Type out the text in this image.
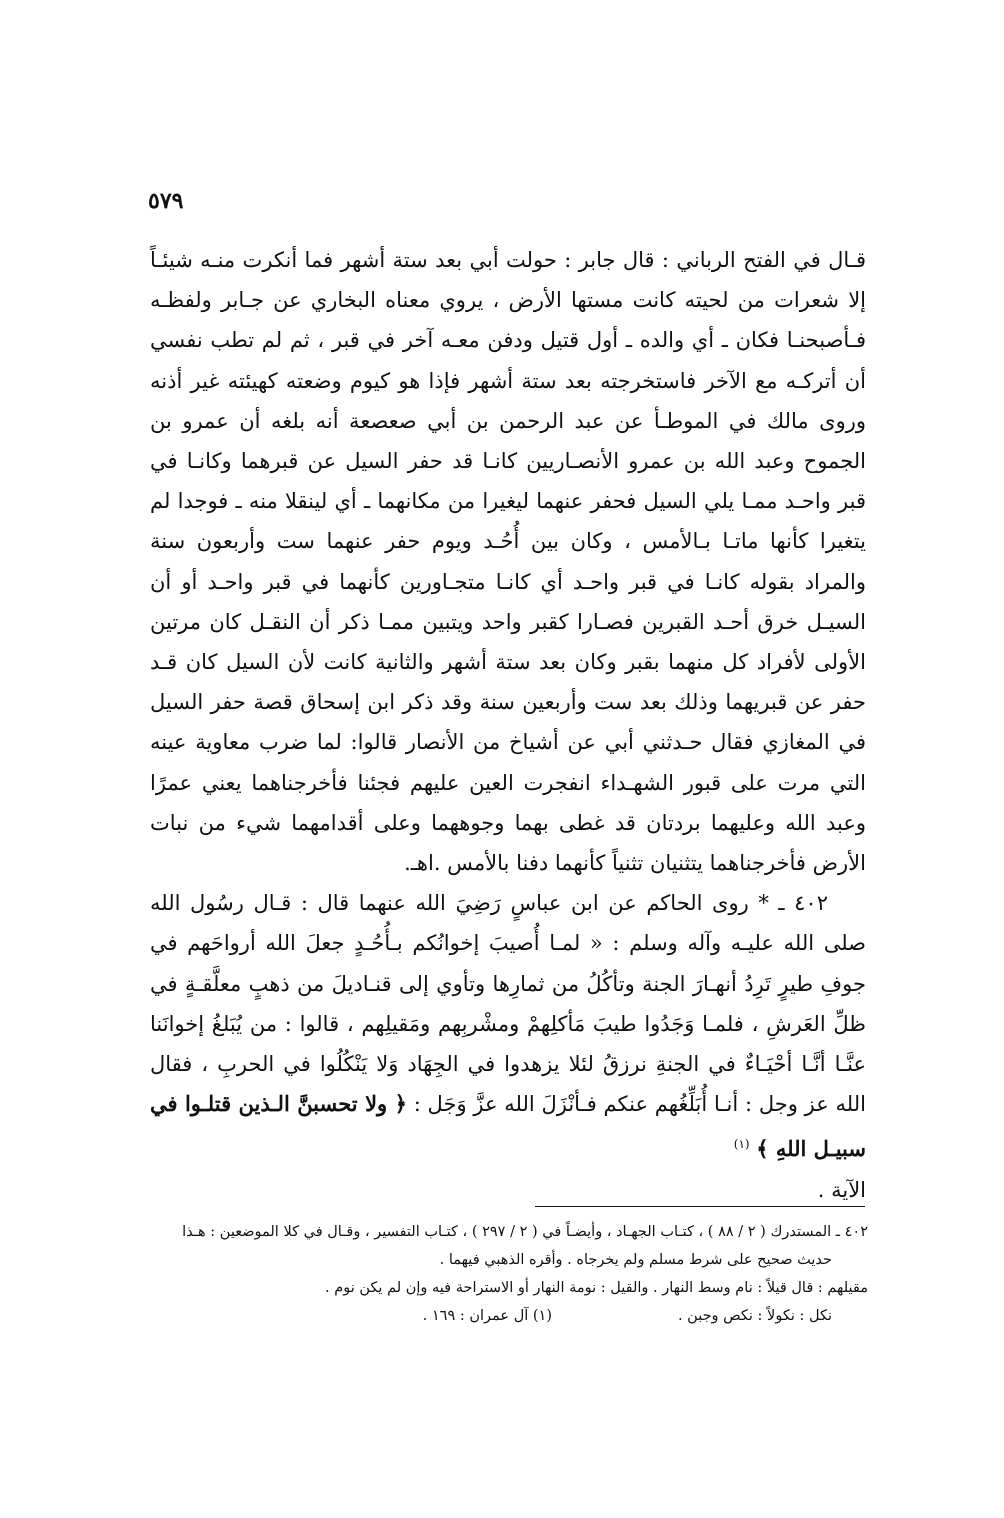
٥٧٩

قـال في الفتح الرباني : قال جابر : حولت أبي بعد ستة أشهر فما أنكرت منـه شيئـاً إلا شعرات من لحيته كانت مستها الأرض ، يروي معناه البخاري عن جـابر ولفظـه فـأصبحنـا فكان ـ أي والده ـ أول قتيل ودفن معـه آخر في قبر ، ثم لم تطب نفسي أن أتركـه مع الآخر فاستخرجته بعد ستة أشهر فإذا هو كيوم وضعته كهيئته غير أذنه وروى مالك في الموطـأ عن عبد الرحمن بن أبي صعصعة أنه بلغه أن عمرو بن الجموح وعبد الله بن عمرو الأنصـاريين كانـا قد حفر السيل عن قبرهما وكانـا في قبر واحـد ممـا يلي السيل فحفر عنهما ليغيرا من مكانهما ـ أي لينقلا منه ـ فوجدا لم يتغيرا كأنها ماتـا بـالأمس ، وكان بين أُحُـد ويوم حفر عنهما ست وأربعون سنة والمراد بقوله كانـا في قبر واحـد أي كانـا متجـاورين كأنهما في قبر واحـد أو أن السيـل خرق أحـد القبرين فصـارا كقبر واحد ويتبين ممـا ذكر أن النقـل كان مرتين الأولى لأفراد كل منهما بقبر وكان بعد ستة أشهر والثانية كانت لأن السيل كان قـد حفر عن قبريهما وذلك بعد ست وأربعين سنة وقد ذكر ابن إسحاق قصة حفر السيل في المغازي فقال حـدثني أبي عن أشياخ من الأنصار قالوا: لما ضرب معاوية عينه التي مرت على قبور الشهـداء انفجرت العين عليهم فجئنا فأخرجناهما يعني عمرًا وعبد الله وعليهما بردتان قد غطى بهما وجوههما وعلى أقدامهما شيء من نبات الأرض فأخرجناهما يتثنيان تثنياً كأنهما دفنا بالأمس .اهـ.

٤٠٢ ـ * روى الحاكم عن ابن عباسٍ رَضِيَ الله عنهما قال : قـال رسُول الله صلى الله عليـه وآله وسلم : « لمـا أُصيبَ إخوانُكم بـأُحُـدٍ جعلَ الله أرواحَهم في جوفِ طيرٍ تَرِدُ أنهـارَ الجنة وتأكُلُ من ثمارِها وتأوي إلى قنـاديلَ من ذهبٍ معلَّقـةٍ في ظلِّ العَرشِ ، فلمـا وَجَدُوا طيبَ مَأكلِهمْ ومشْربِهم ومَقيلِهم ، قالوا : من يُبَلغُ إخوانَنا عنَّـا أنَّـا أحْيَـاءٌ في الجنةِ نرزقُ لئلا يزهدوا في الجِهَاد وَلا يَنْكُلُوا في الحربِ ، فقال الله عز وجل : أنـا أُبَلِّغُهم عنكم فـأنْزَلَ الله عزَّ وَجَل : ﴿ ولا تحسبنَّ الـذين قتلـوا في سبيـل اللهِ ﴾ $^{(١)}$
الآية .

٤٠٢ ـ المستدرك ( ٢ / ٨٨ ) ، كتـاب الجهـاد ، وأيضـاً في ( ٢ / ٢٩٧ ) ، كتـاب التفسير ، وقـال في كلا الموضعين : هـذا

حديث صحيح على شرط مسلم ولم يخرجاه . وأقره الذهبي فيهما .

مقيلهم : قال قيلاً : نام وسط النهار . والقيل : نومة النهار أو الاستراحة فيه وإن لم يكن نوم .

نكل : نكولاً : نكص وجبن .
(١) آل عمران : ١٦٩ .
